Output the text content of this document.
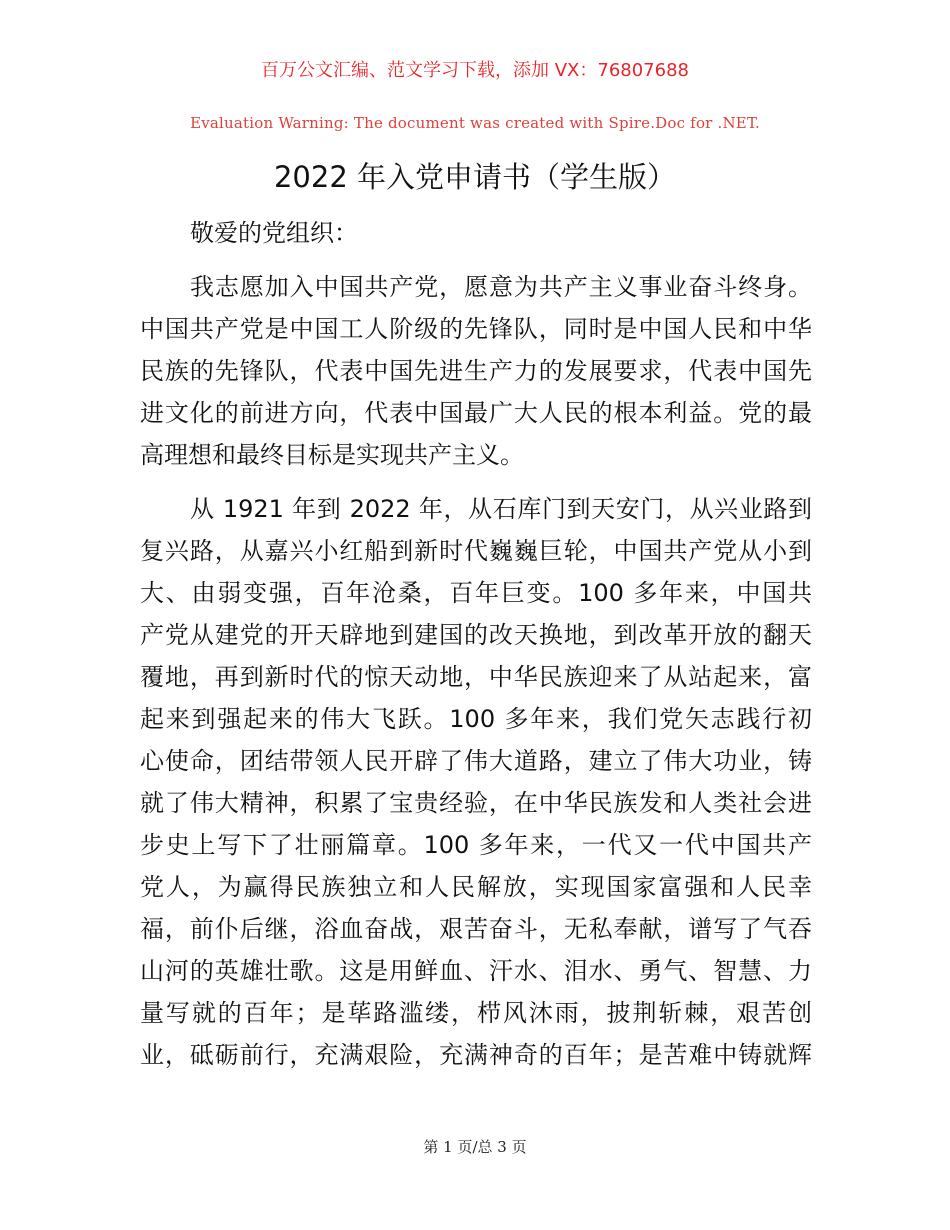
百万公文汇编、范文学习下载，添加 VX：76807688
Evaluation Warning: The document was created with Spire.Doc for .NET.
2022 年入党申请书（学生版）
敬爱的党组织：
我志愿加入中国共产党，愿意为共产主义事业奋斗终身。
中国共产党是中国工人阶级的先锋队，同时是中国人民和中华
民族的先锋队，代表中国先进生产力的发展要求，代表中国先
进文化的前进方向，代表中国最广大人民的根本利益。党的最
高理想和最终目标是实现共产主义。
从 1921 年到 2022 年，从石库门到天安门，从兴业路到
复兴路，从嘉兴小红船到新时代巍巍巨轮，中国共产党从小到
大、由弱变强，百年沧桑，百年巨变。100 多年来，中国共
产党从建党的开天辟地到建国的改天换地，到改革开放的翻天
覆地，再到新时代的惊天动地，中华民族迎来了从站起来，富
起来到强起来的伟大飞跃。100 多年来，我们党矢志践行初
心使命，团结带领人民开辟了伟大道路，建立了伟大功业，铸
就了伟大精神，积累了宝贵经验，在中华民族发和人类社会进
步史上写下了壮丽篇章。100 多年来，一代又一代中国共产
党人，为赢得民族独立和人民解放，实现国家富强和人民幸
福，前仆后继，浴血奋战，艰苦奋斗，无私奉献，谱写了气吞
山河的英雄壮歌。这是用鲜血、汗水、泪水、勇气、智慧、力
量写就的百年；是荜路滥缕，栉风沐雨，披荆斩棘，艰苦创
业，砥砺前行，充满艰险，充满神奇的百年；是苦难中铸就辉
第 1 页/总 3 页
